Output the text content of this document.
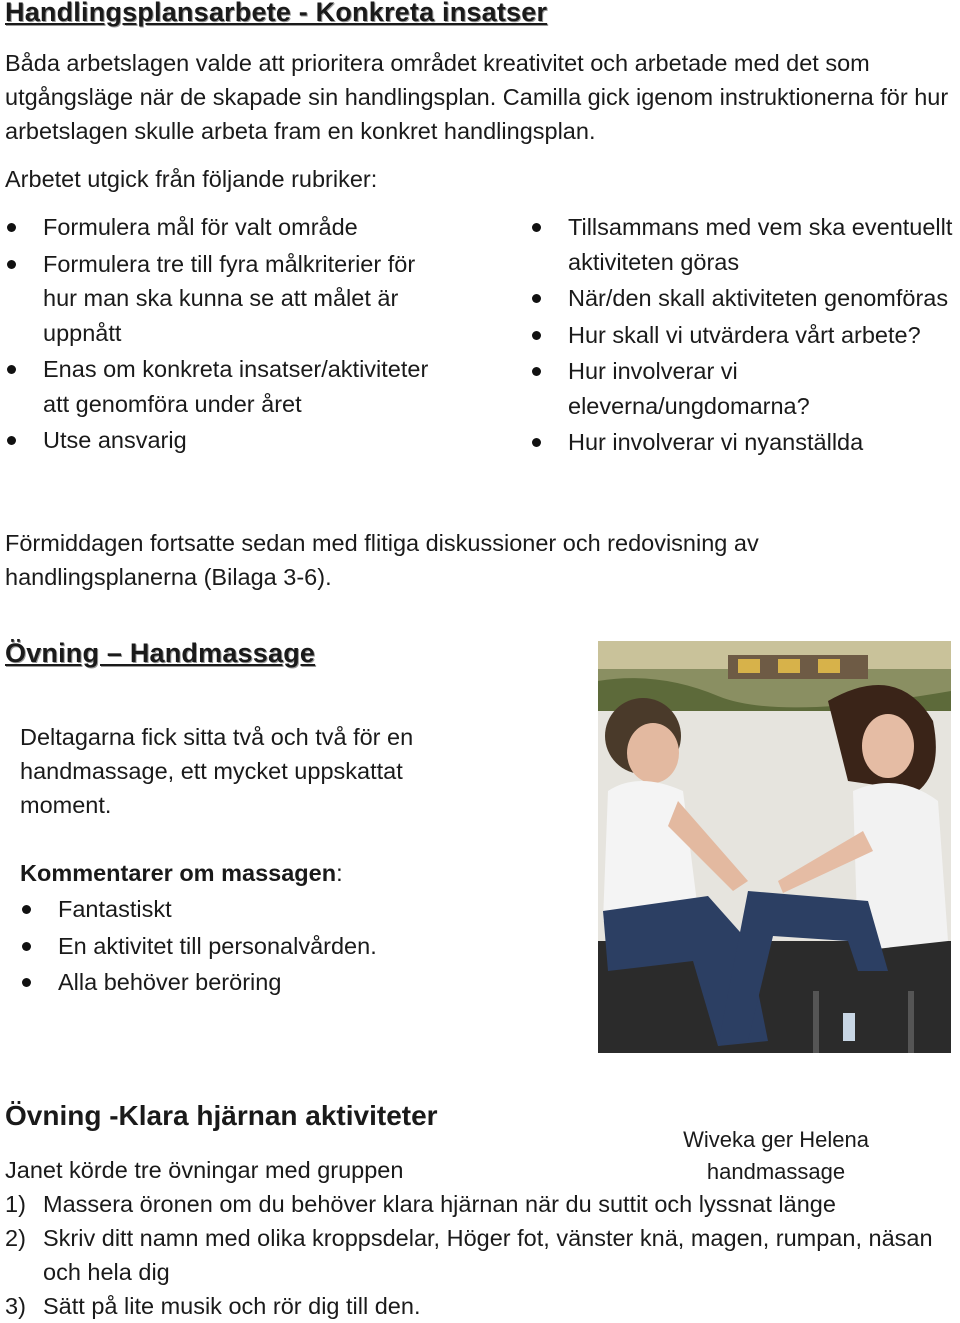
Handlingsplansarbete - Konkreta insatser
Båda arbetslagen valde att prioritera området kreativitet och arbetade med det som utgångsläge när de skapade sin handlingsplan. Camilla gick igenom instruktionerna för hur arbetslagen skulle arbeta fram en konkret handlingsplan.
Arbetet utgick från följande rubriker:
Formulera mål för valt område
Formulera tre till fyra målkriterier för hur man ska kunna se att målet är uppnått
Enas om konkreta insatser/aktiviteter att genomföra under året
Utse ansvarig
Tillsammans med vem ska eventuellt aktiviteten göras
När/den skall aktiviteten genomföras
Hur skall vi utvärdera vårt arbete?
Hur involverar vi eleverna/ungdomarna?
Hur involverar vi nyanställda
Förmiddagen fortsatte sedan med flitiga diskussioner och redovisning av handlingsplanerna (Bilaga 3-6).
Övning – Handmassage
Deltagarna fick sitta två och två för en handmassage, ett mycket uppskattat moment.
Kommentarer om massagen:
Fantastiskt
En aktivitet till personalvården.
Alla behöver beröring
Wiveka ger Helena
handmassage
Övning -Klara hjärnan aktiviteter
Janet körde tre övningar med gruppen
1) Massera öronen om du behöver klara hjärnan när du suttit och lyssnat länge
2) Skriv ditt namn med olika kroppsdelar, Höger fot, vänster knä, magen, rumpan, näsan och hela dig
3) Sätt på lite musik och rör dig till den.
